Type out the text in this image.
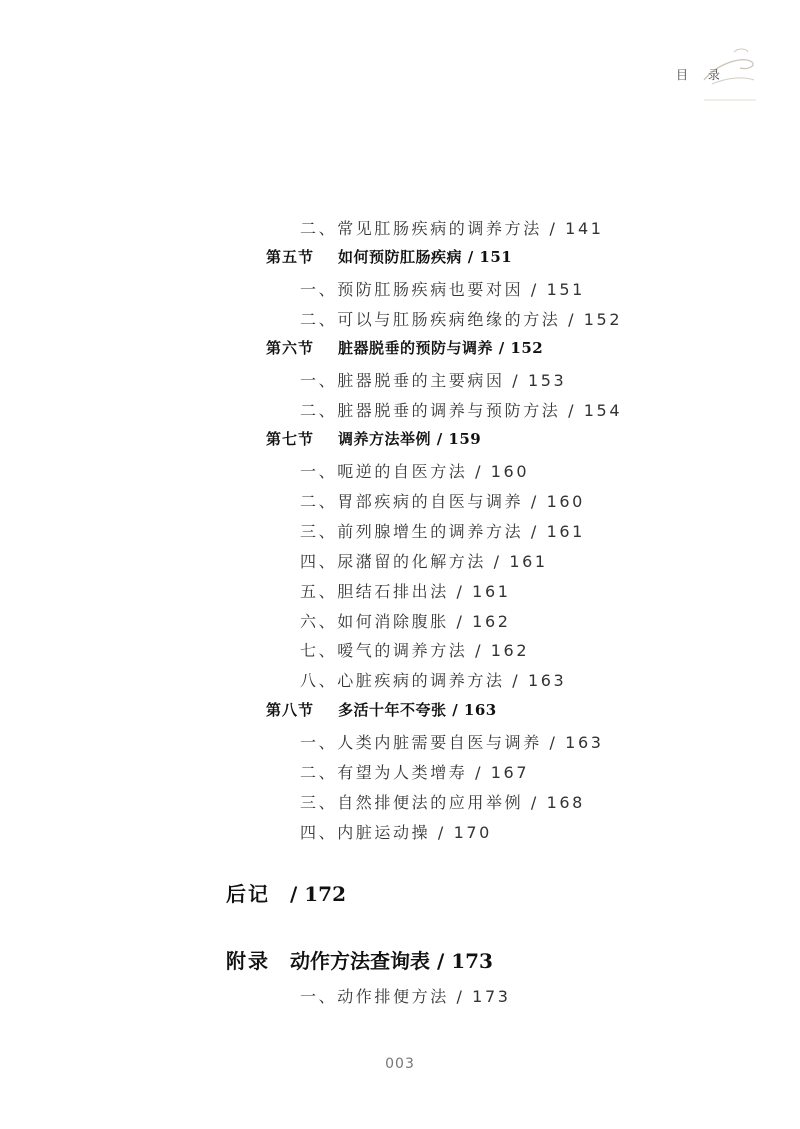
目 录
二、常见肛肠疾病的调养方法 / 141
第五节 如何预防肛肠疾病 / 151
一、预防肛肠疾病也要对因 / 151
二、可以与肛肠疾病绝缘的方法 / 152
第六节 脏器脱垂的预防与调养 / 152
一、脏器脱垂的主要病因 / 153
二、脏器脱垂的调养与预防方法 / 154
第七节 调养方法举例 / 159
一、呃逆的自医方法 / 160
二、胃部疾病的自医与调养 / 160
三、前列腺增生的调养方法 / 161
四、尿潴留的化解方法 / 161
五、胆结石排出法 / 161
六、如何消除腹胀 / 162
七、嗳气的调养方法 / 162
八、心脏疾病的调养方法 / 163
第八节 多活十年不夸张 / 163
一、人类内脏需要自医与调养 / 163
二、有望为人类增寿 / 167
三、自然排便法的应用举例 / 168
四、内脏运动操 / 170
后记 / 172
附录 动作方法查询表 / 173
一、动作排便方法 / 173
003
